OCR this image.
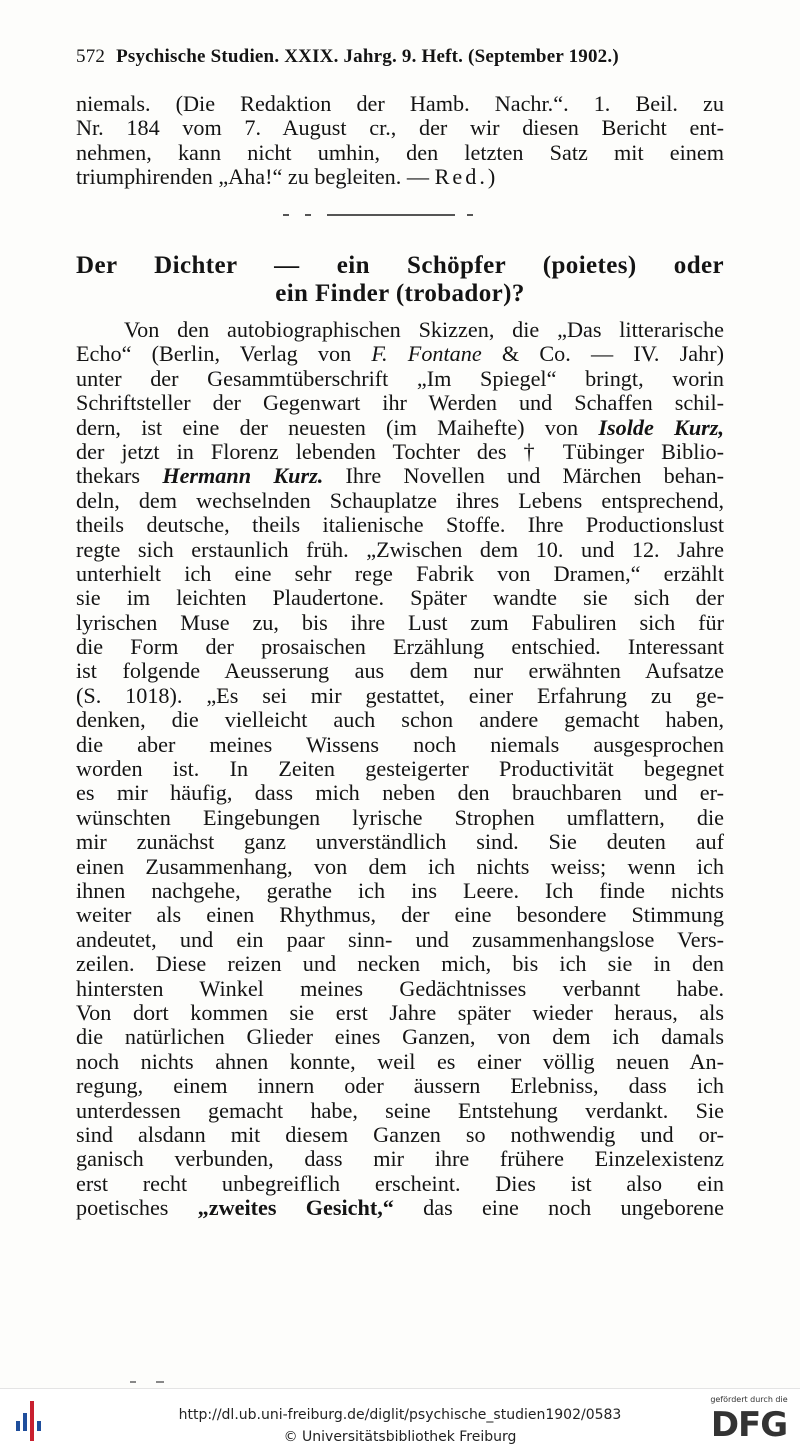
572 Psychische Studien. XXIX. Jahrg. 9. Heft. (September 1902.)
niemals. (Die Redaktion der Hamb. Nachr.“. 1. Beil. zu
Nr. 184 vom 7. August cr., der wir diesen Bericht ent-
nehmen, kann nicht umhin, den letzten Satz mit einem
triumphirenden „Aha!“ zu begleiten. — Red.)
Der Dichter — ein Schöpfer (poietes) oder
ein Finder (trobador)?
Von den autobiographischen Skizzen, die „Das litterarische
Echo“ (Berlin, Verlag von F. Fontane & Co. — IV. Jahr)
unter der Gesammtüberschrift „Im Spiegel“ bringt, worin
Schriftsteller der Gegenwart ihr Werden und Schaffen schil-
dern, ist eine der neuesten (im Maihefte) von Isolde Kurz,
der jetzt in Florenz lebenden Tochter des † Tübinger Biblio-
thekars Hermann Kurz. Ihre Novellen und Märchen behan-
deln, dem wechselnden Schauplatze ihres Lebens entsprechend,
theils deutsche, theils italienische Stoffe. Ihre Productionslust
regte sich erstaunlich früh. „Zwischen dem 10. und 12. Jahre
unterhielt ich eine sehr rege Fabrik von Dramen,“ erzählt
sie im leichten Plaudertone. Später wandte sie sich der
lyrischen Muse zu, bis ihre Lust zum Fabuliren sich für
die Form der prosaischen Erzählung entschied. Interessant
ist folgende Aeusserung aus dem nur erwähnten Aufsatze
(S. 1018). „Es sei mir gestattet, einer Erfahrung zu ge-
denken, die vielleicht auch schon andere gemacht haben,
die aber meines Wissens noch niemals ausgesprochen
worden ist. In Zeiten gesteigerter Productivität begegnet
es mir häufig, dass mich neben den brauchbaren und er-
wünschten Eingebungen lyrische Strophen umflattern, die
mir zunächst ganz unverständlich sind. Sie deuten auf
einen Zusammenhang, von dem ich nichts weiss; wenn ich
ihnen nachgehe, gerathe ich ins Leere. Ich finde nichts
weiter als einen Rhythmus, der eine besondere Stimmung
andeutet, und ein paar sinn- und zusammenhangslose Vers-
zeilen. Diese reizen und necken mich, bis ich sie in den
hintersten Winkel meines Gedächtnisses verbannt habe.
Von dort kommen sie erst Jahre später wieder heraus, als
die natürlichen Glieder eines Ganzen, von dem ich damals
noch nichts ahnen konnte, weil es einer völlig neuen An-
regung, einem innern oder äussern Erlebniss, dass ich
unterdessen gemacht habe, seine Entstehung verdankt. Sie
sind alsdann mit diesem Ganzen so nothwendig und or-
ganisch verbunden, dass mir ihre frühere Einzelexistenz
erst recht unbegreiflich erscheint. Dies ist also ein
poetisches „zweites Gesicht,“ das eine noch ungeborene
http://dl.ub.uni-freiburg.de/diglit/psychische_studien1902/0583
© Universitätsbibliothek Freiburg
gefördert durch die
DFG
